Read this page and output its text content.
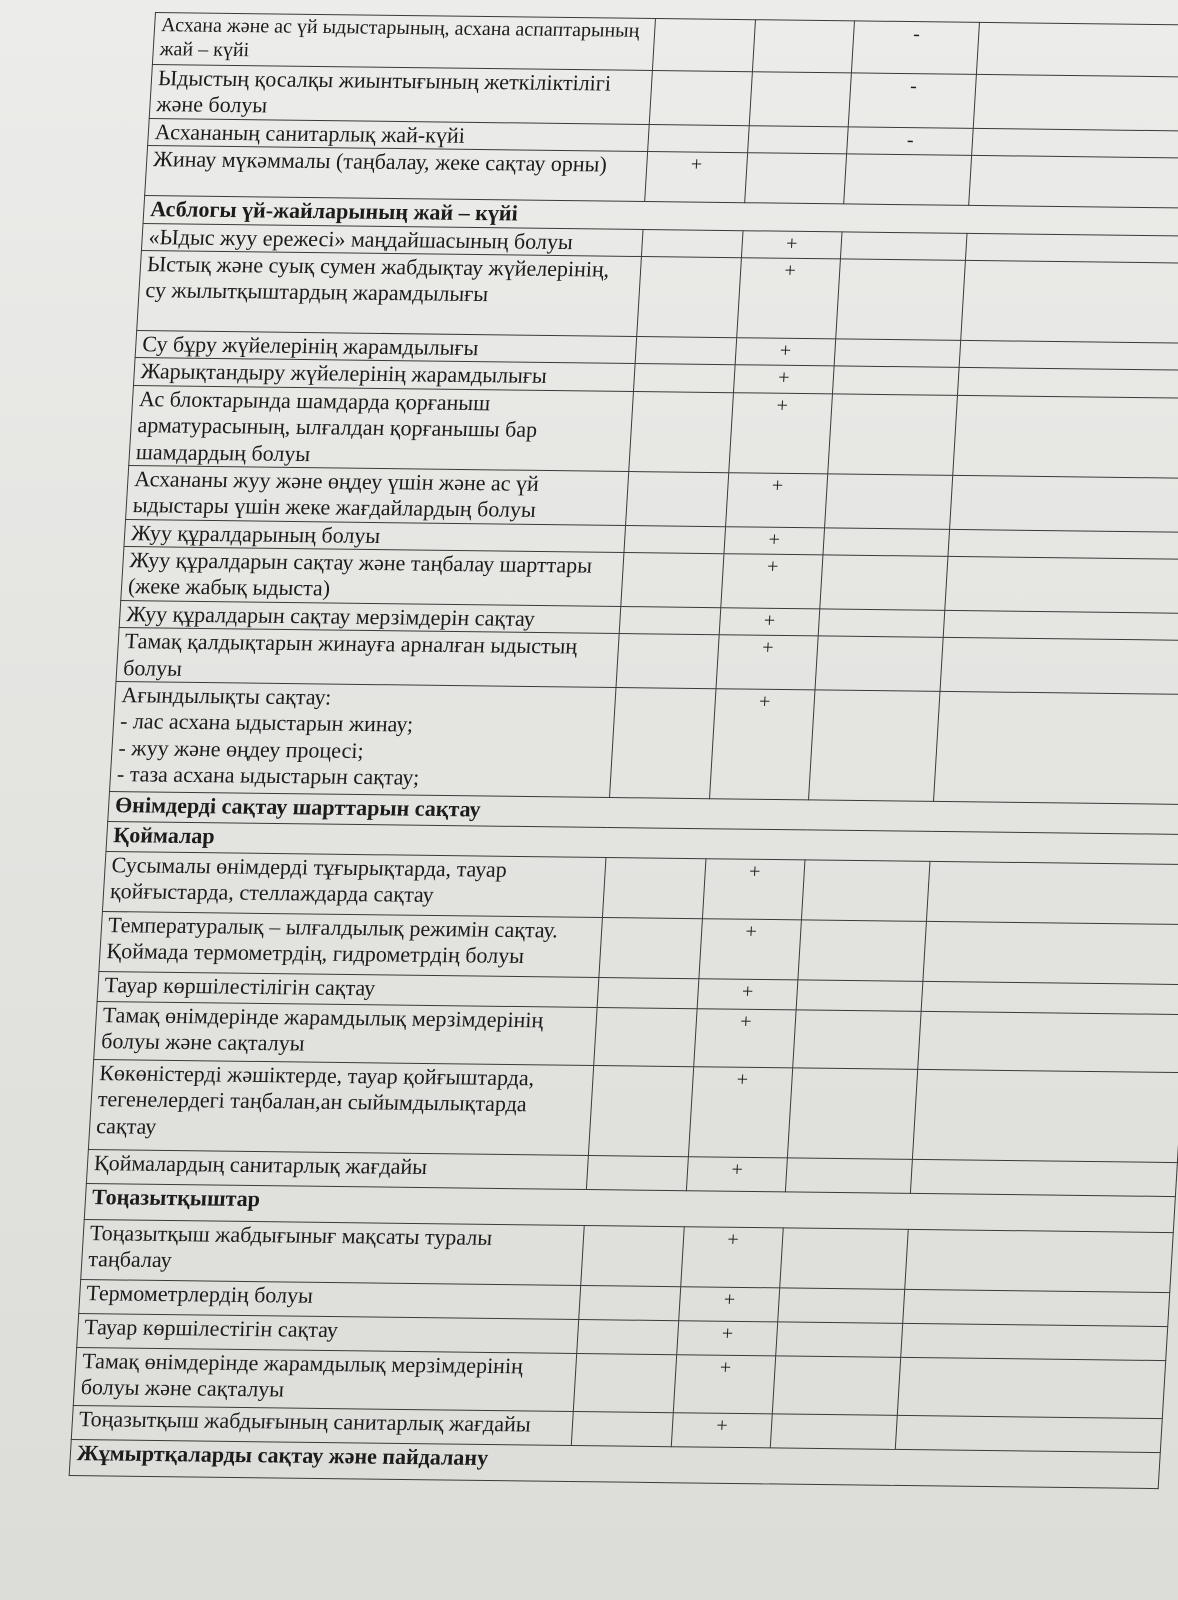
Асхана және ас үй ыдыстарының, асхана аспаптарының жай – күйі			-	
Ыдыстың қосалқы жиынтығының жеткіліктілігі және болуы			-	
Асхананың санитарлық жай-күйі			-	
Жинау мүкәммалы (таңбалау, жеке сақтау орны)	+			
Асблогы үй-жайларының жай – күйі				
«Ыдыс жуу ережесі» маңдайшасының болуы		+		
Ыстық және суық сумен жабдықтау жүйелерінің, су жылытқыштардың жарамдылығы		+		
Су бұру жүйелерінің жарамдылығы		+		
Жарықтандыру жүйелерінің жарамдылығы		+		
Ас блоктарында шамдарда қорғаныш арматурасының, ылғалдан қорғанышы бар шамдардың болуы		+		
Асхананы жуу және өңдеу үшін және ас үй ыдыстары үшін жеке жағдайлардың болуы		+		
Жуу құралдарының болуы		+		
Жуу құралдарын сақтау және таңбалау шарттары (жеке жабық ыдыста)		+		
Жуу құралдарын сақтау мерзімдерін сақтау		+		
Тамақ қалдықтарын жинауға арналған ыдыстың болуы		+		
Ағындылықты сақтау:
- лас асхана ыдыстарын жинау;
- жуу және өңдеу процесі;
- таза асхана ыдыстарын сақтау;		+		
Өнімдерді сақтау шарттарын сақтау				
Қоймалар				
Сусымалы өнімдерді тұғырықтарда, тауар қойғыстарда, стеллаждарда сақтау		+		
Температуралық – ылғалдылық режимін сақтау. Қоймада термометрдің, гидрометрдің болуы		+		
Тауар көршілестілігін сақтау		+		
Тамақ өнімдерінде жарамдылық мерзімдерінің болуы және сақталуы		+		
Көкөністерді жәшіктерде, тауар қойғыштарда, тегенелердегі таңбалан,ан сыйымдылықтарда сақтау		+		
Қоймалардың санитарлық жағдайы		+		
Тоңазытқыштар				
Тоңазытқыш жабдығынығ мақсаты туралы таңбалау		+		
Термометрлердің болуы		+		
Тауар көршілестігін сақтау		+		
Тамақ өнімдерінде жарамдылық мерзімдерінің болуы және сақталуы		+		
Тоңазытқыш жабдығының санитарлық жағдайы		+		
Жұмыртқаларды сақтау және пайдалану				
